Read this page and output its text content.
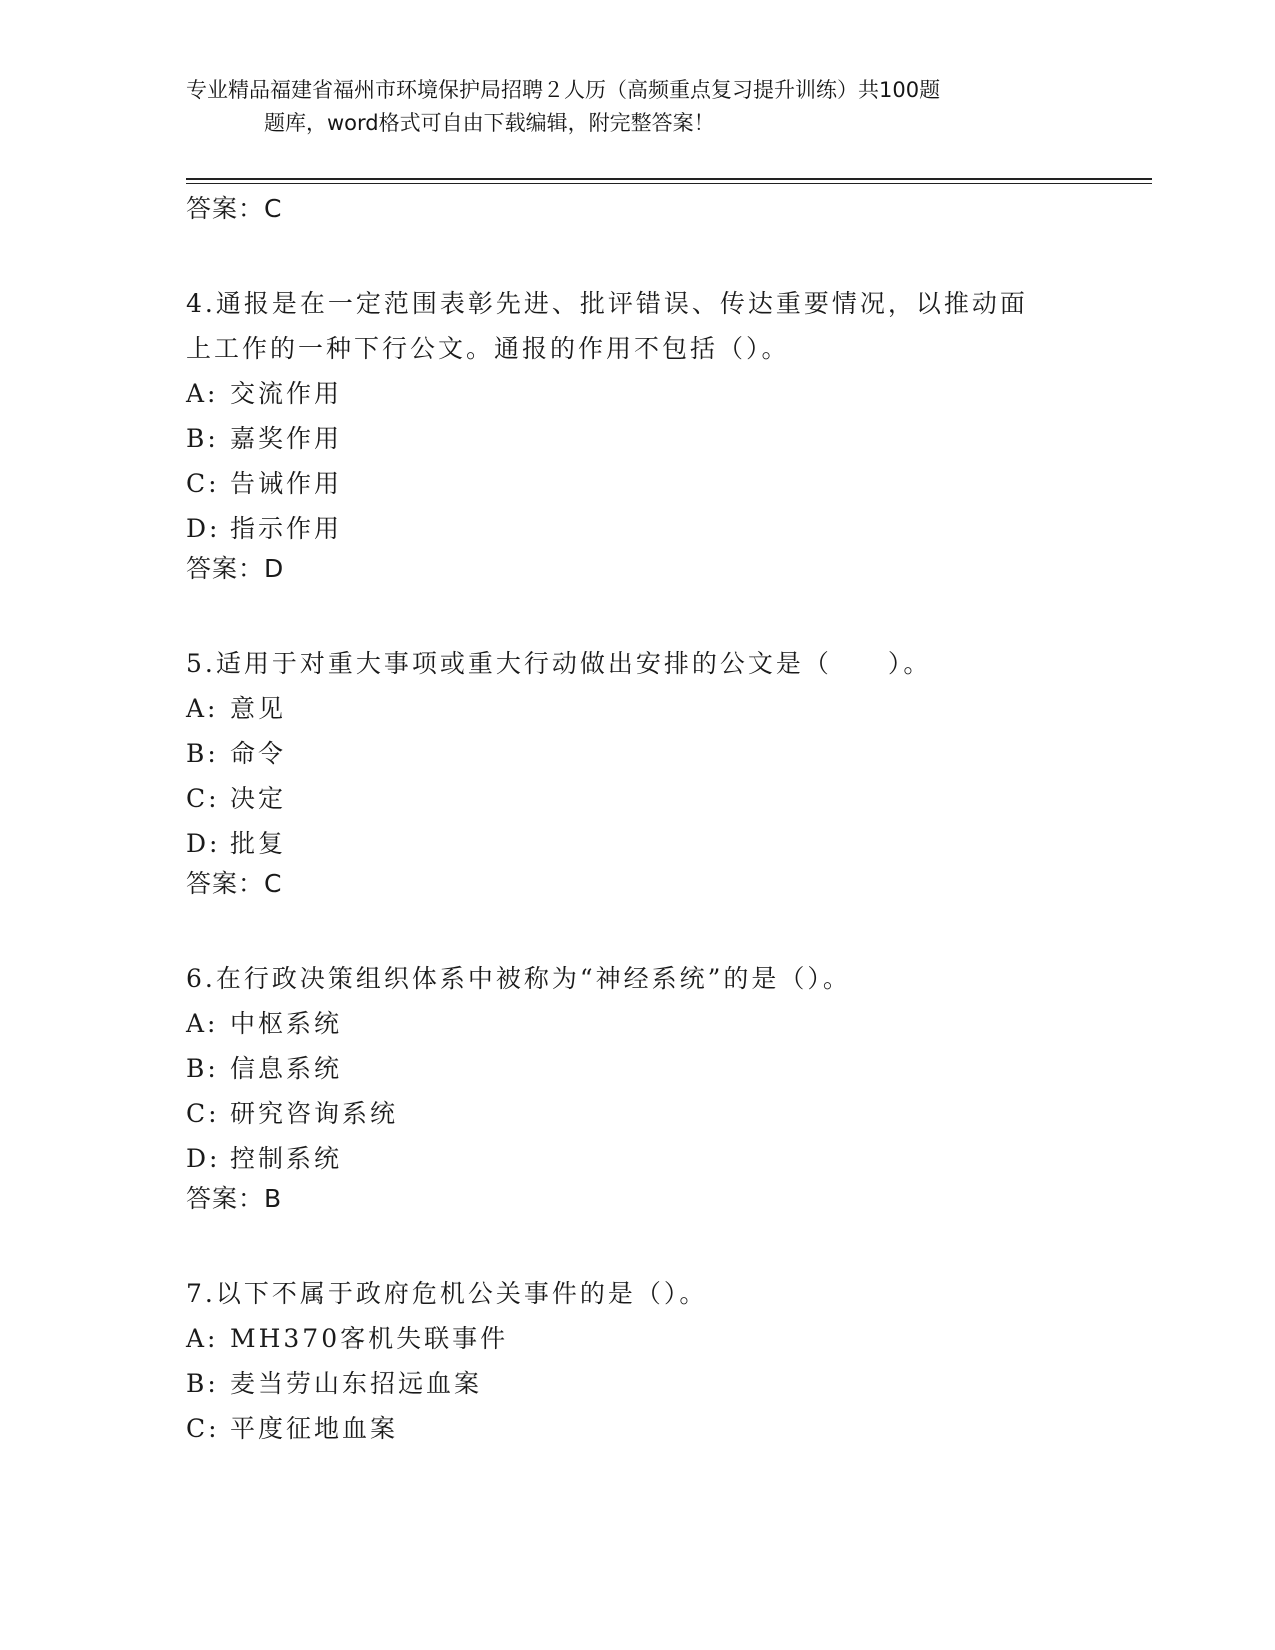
专业精品福建省福州市环境保护局招聘２人历（高频重点复习提升训练）共100题
题库，word格式可自由下载编辑，附完整答案！
答案：C
4.通报是在一定范围表彰先进、批评错误、传达重要情况，以推动面
上工作的一种下行公文。通报的作用不包括（）。
A: 交流作用
B: 嘉奖作用
C: 告诫作用
D: 指示作用
答案：D
5.适用于对重大事项或重大行动做出安排的公文是（　　）。
A: 意见
B: 命令
C: 决定
D: 批复
答案：C
6.在行政决策组织体系中被称为“神经系统”的是（）。
A: 中枢系统
B: 信息系统
C: 研究咨询系统
D: 控制系统
答案：B
7.以下不属于政府危机公关事件的是（）。
A: MH370客机失联事件
B: 麦当劳山东招远血案
C: 平度征地血案
